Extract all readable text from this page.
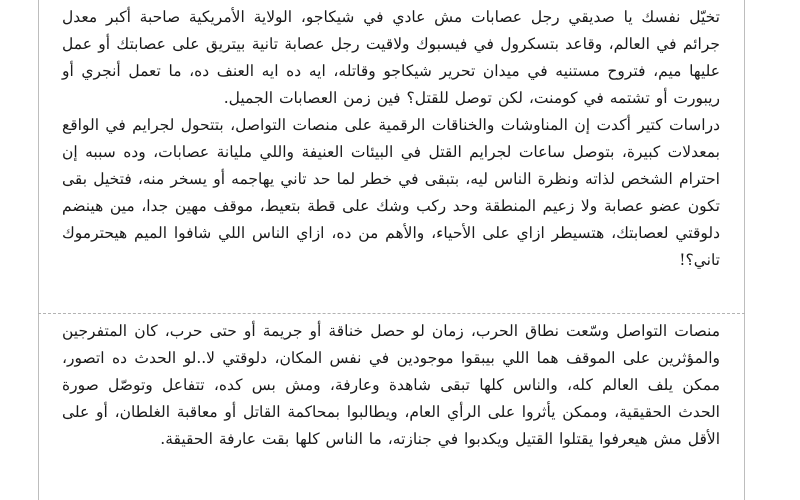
تخيّل نفسك يا صديقي رجل عصابات مش عادي في شيكاجو، الولاية الأمريكية صاحبة أكبر معدل جرائم في العالم، وقاعد بتسكرول في فيسبوك ولاقيت رجل عصابة تانية بيتريق على عصابتك أو عمل عليها ميم، فتروح مستنيه في ميدان تحرير شيكاجو وقاتله، ايه ده ايه العنف ده، ما تعمل أنجري أو ريبورت أو تشتمه في كومنت، لكن توصل للقتل؟ فين زمن العصابات الجميل.

دراسات كتير أكدت إن المناوشات والخناقات الرقمية على منصات التواصل، بتتحول لجرايم في الواقع بمعدلات كبيرة، بتوصل ساعات لجرايم القتل في البيئات العنيفة واللي مليانة عصابات، وده سببه إن احترام الشخص لذاته ونظرة الناس ليه، بتبقى في خطر لما حد تاني يهاجمه أو يسخر منه، فتخيل بقى تكون عضو عصابة ولا زعيم المنطقة وحد ركب وشك على قطة بتعيط، موقف مهين جدا، مين هينضم دلوقتي لعصابتك، هتسيطر ازاي على الأحياء، والأهم من ده، ازاي الناس اللي شافوا الميم هيحترموك تاني؟!

منصات التواصل وسّعت نطاق الحرب، زمان لو حصل خناقة أو جريمة أو حتى حرب، كان المتفرجين والمؤثرين على الموقف هما اللي بيبقوا موجودين في نفس المكان، دلوقتي لا..لو الحدث ده اتصور، ممكن يلف العالم كله، والناس كلها تبقى شاهدة وعارفة، ومش بس كده، تتفاعل وتوصّل صورة الحدث الحقيقية، وممكن يأثروا على الرأي العام، ويطالبوا بمحاكمة القاتل أو معاقبة الغلطان، أو على الأقل مش هيعرفوا يقتلوا القتيل ويكدبوا في جنازته، ما الناس كلها بقت عارفة الحقيقة.
